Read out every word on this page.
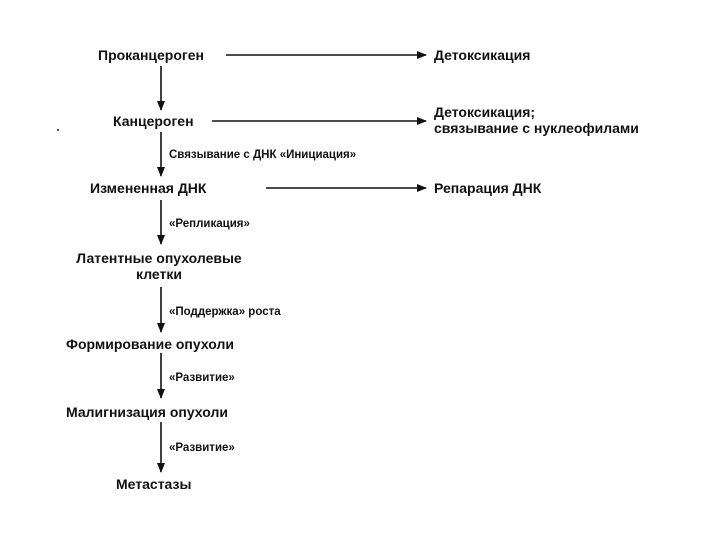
Проканцероген
Канцероген
Измененная ДНК
Латентные опухолевые
клетки
Формирование опухоли
Малигнизация опухоли
Метастазы
Детоксикация
Детоксикация;
связывание с нуклеофилами
Репарация ДНК
Связывание с ДНК «Инициация»
«Репликация»
«Поддержка» роста
«Развитие»
«Развитие»
